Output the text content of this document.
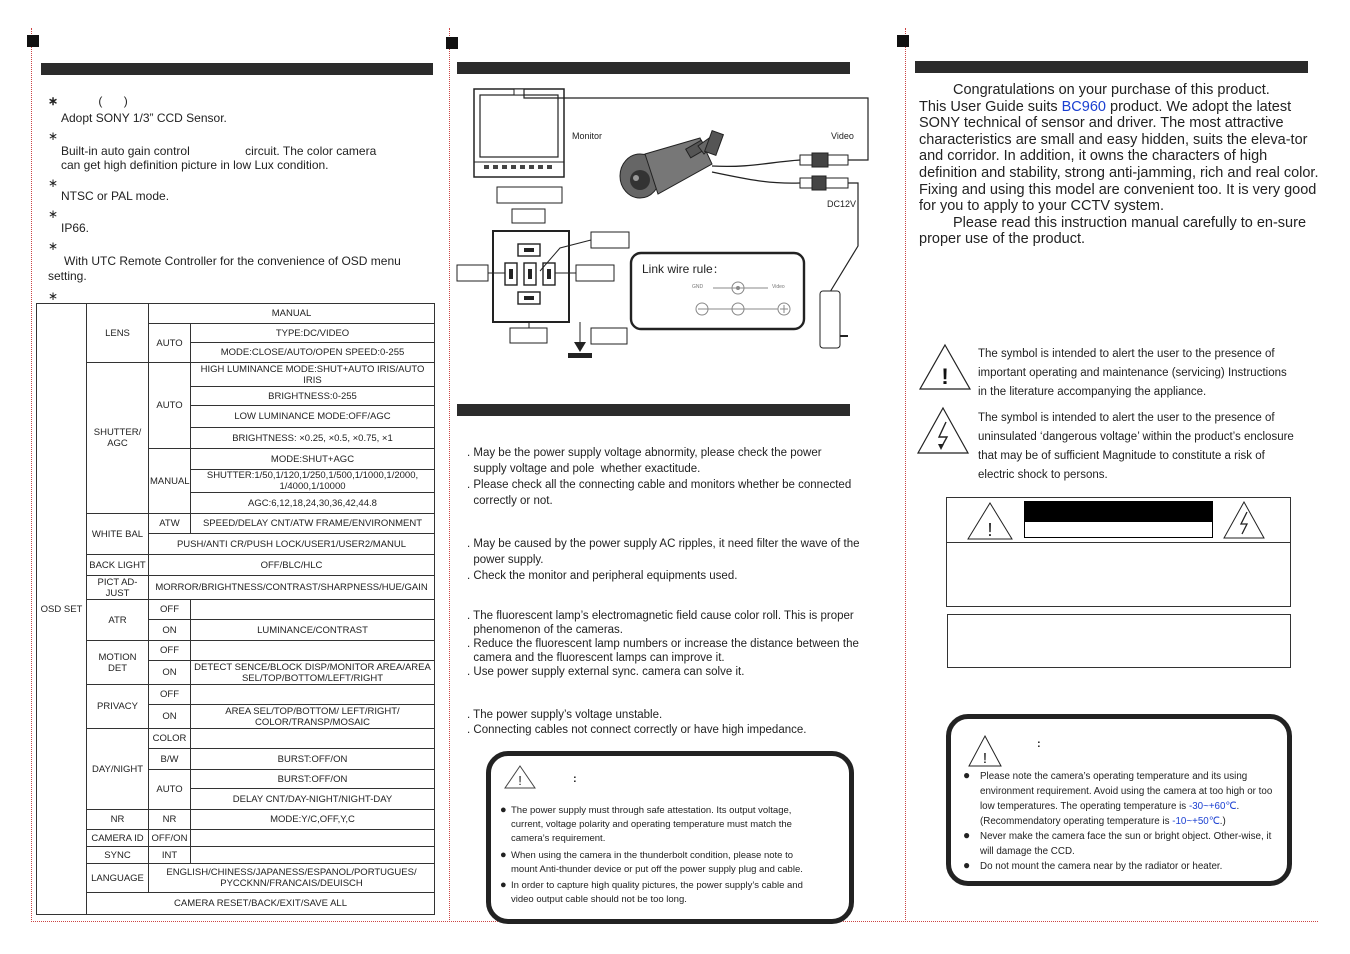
∗	( )
Adopt SONY 1/3” CCD Sensor.
∗
Built-in auto gain control	circuit. The color camera
can get high definition picture in low Lux condition.
∗
NTSC or PAL mode.
∗
IP66.
∗
With UTC Remote Controller for the convenience of OSD menu
setting.
∗
OSD SET	LENS	MANUAL	
		AUTO	TYPE:DC/VIDEO
			MODE:CLOSE/AUTO/OPEN SPEED:0-255
	SHUTTER/ AGC	AUTO	HIGH LUMINANCE MODE:SHUT+AUTO IRIS/AUTO IRIS
			BRIGHTNESS:0-255
			LOW LUMINANCE MODE:OFF/AGC
			BRIGHTNESS: ×0.25, ×0.5, ×0.75, ×1
		MANUAL	MODE:SHUT+AGC
			SHUTTER:1/50,1/120,1/250,1/500,1/1000,1/2000, 1/4000,1/10000
			AGC:6,12,18,24,30,36,42,44.8
	WHITE BAL	ATW	SPEED/DELAY CNT/ATW FRAME/ENVIRONMENT
		PUSH/ANTI CR/PUSH LOCK/USER1/USER2/MANUL	
	BACK LIGHT	OFF/BLC/HLC	
	PICT AD-JUST	MORROR/BRIGHTNESS/CONTRAST/SHARPNESS/HUE/GAIN	
	ATR	OFF	
		ON	LUMINANCE/CONTRAST
	MOTION DET	OFF	
		ON	DETECT SENCE/BLOCK DISP/MONITOR AREA/AREA SEL/TOP/BOTTOM/LEFT/RIGHT
	PRIVACY	OFF	
		ON	AREA SEL/TOP/BOTTOM/ LEFT/RIGHT/ COLOR/TRANSP/MOSAIC
	DAY/NIGHT	COLOR	
		B/W	BURST:OFF/ON
		AUTO	BURST:OFF/ON
			DELAY CNT/DAY-NIGHT/NIGHT-DAY
	NR	NR	MODE:Y/C,OFF,Y,C
	CAMERA ID	OFF/ON	
	SYNC	INT	
	LANGUAGE	ENGLISH/CHINESS/JAPANESS/ESPANOL/PORTUGUES/ PYCCKNN/FRANCAIS/DEUISCH	
	CAMERA RESET/BACK/EXIT/SAVE ALL		
Monitor	Video
DC12V
Link wire rule：
GND	Video
. May be the power supply voltage abnormity, please check the power
supply voltage and pole  whether exactitude.
. Please check all the connecting cable and monitors whether be connected
correctly or not.
. May be caused by the power supply AC ripples, it need filter the wave of the
power supply.
. Check the monitor and peripheral equipments used.
. The fluorescent lamp’s electromagnetic field cause color roll. This is proper
phenomenon of the cameras.
. Reduce the fluorescent lamp numbers or increase the distance between the
camera and the fluorescent lamps can improve it.
. Use power supply external sync. camera can solve it.
. The power supply’s voltage unstable.
. Connecting cables not connect correctly or have high impedance.
!	:
● The power supply must through safe attestation. Its output voltage,
current, voltage polarity and operating temperature must match the
camera’s requirement.
● When using the camera in the thunderbolt condition, please note to
mount Anti-thunder device or put off the power supply plug and cable.
● In order to capture high quality pictures, the power supply’s cable and
video output cable should not be too long.
Congratulations on your purchase of this product.
This User Guide suits BC960 product. We adopt the latest SONY technical of sensor and driver. The most attractive characteristics are small and easy hidden, suits the eleva-tor and corridor. In addition, it owns the characters of high definition and stability, strong anti-jamming, rich and real color. Fixing and using this model are convenient too. It is very good for you to apply to your CCTV system.
Please read this instruction manual carefully to en-sure proper use of the product.
!
The symbol is intended to alert the user to the presence of important operating and maintenance (servicing) Instructions in the literature accompanying the appliance.
The symbol is intended to alert the user to the presence of uninsulated ‘dangerous voltage’ within the product’s enclosure that may be of sufficient Magnitude to constitute a risk of electric shock to persons.
!
!
:
● Please note the camera’s operating temperature and its using environment requirement. Avoid using the camera at too high or too low temperatures. The operating temperature is -30~+60℃. (Recommendatory operating temperature is -10~+50℃.)
● Never make the camera face the sun or bright object. Other-wise, it will damage the CCD.
● Do not mount the camera near by the radiator or heater.
